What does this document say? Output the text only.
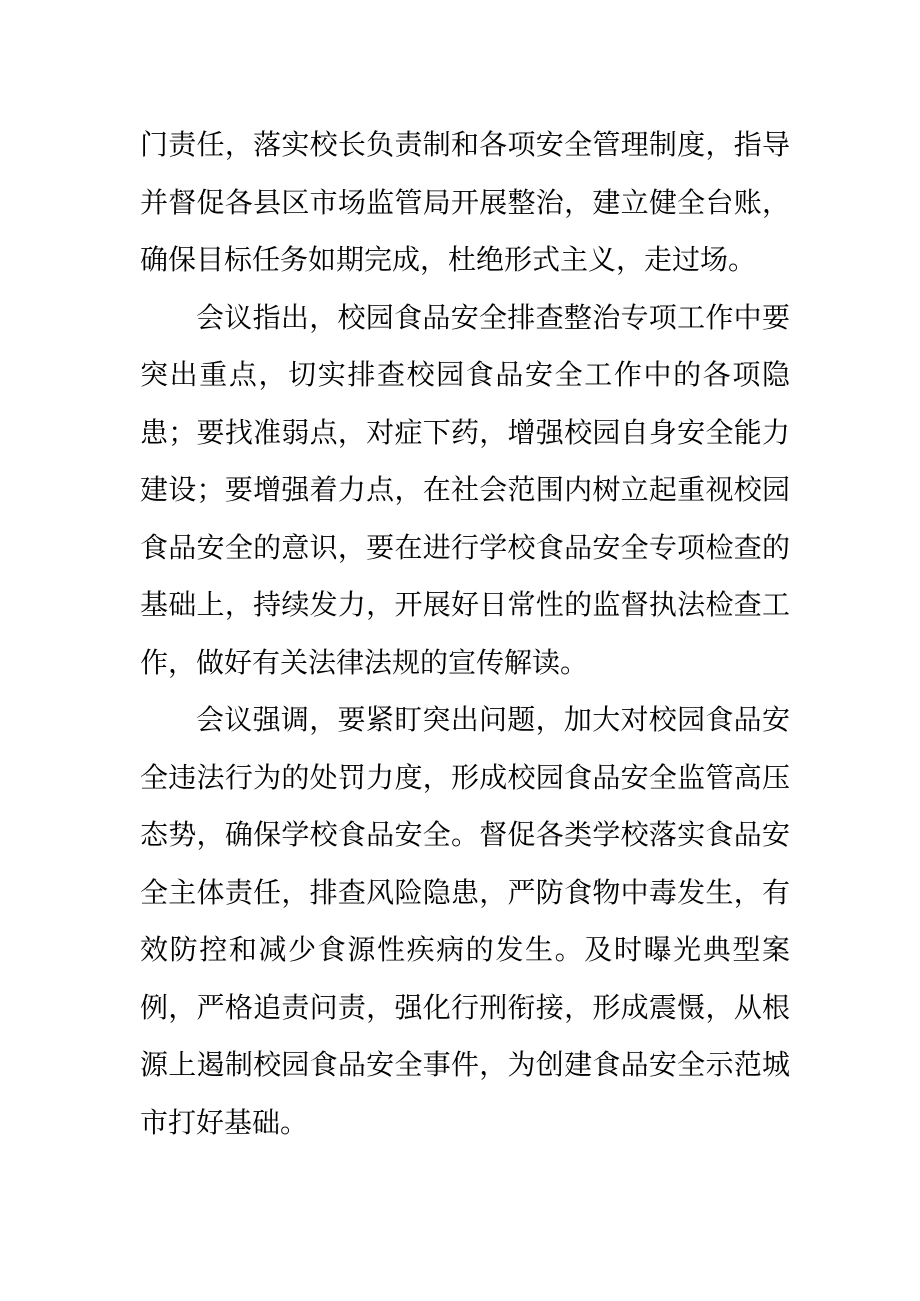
门责任，落实校长负责制和各项安全管理制度，指导并督促各县区市场监管局开展整治，建立健全台账，确保目标任务如期完成，杜绝形式主义，走过场。

会议指出，校园食品安全排查整治专项工作中要突出重点，切实排查校园食品安全工作中的各项隐患；要找准弱点，对症下药，增强校园自身安全能力建设；要增强着力点，在社会范围内树立起重视校园食品安全的意识，要在进行学校食品安全专项检查的基础上，持续发力，开展好日常性的监督执法检查工作，做好有关法律法规的宣传解读。

会议强调，要紧盯突出问题，加大对校园食品安全违法行为的处罚力度，形成校园食品安全监管高压态势，确保学校食品安全。督促各类学校落实食品安全主体责任，排查风险隐患，严防食物中毒发生，有效防控和减少食源性疾病的发生。及时曝光典型案例，严格追责问责，强化行刑衔接，形成震慑，从根源上遏制校园食品安全事件，为创建食品安全示范城市打好基础。
